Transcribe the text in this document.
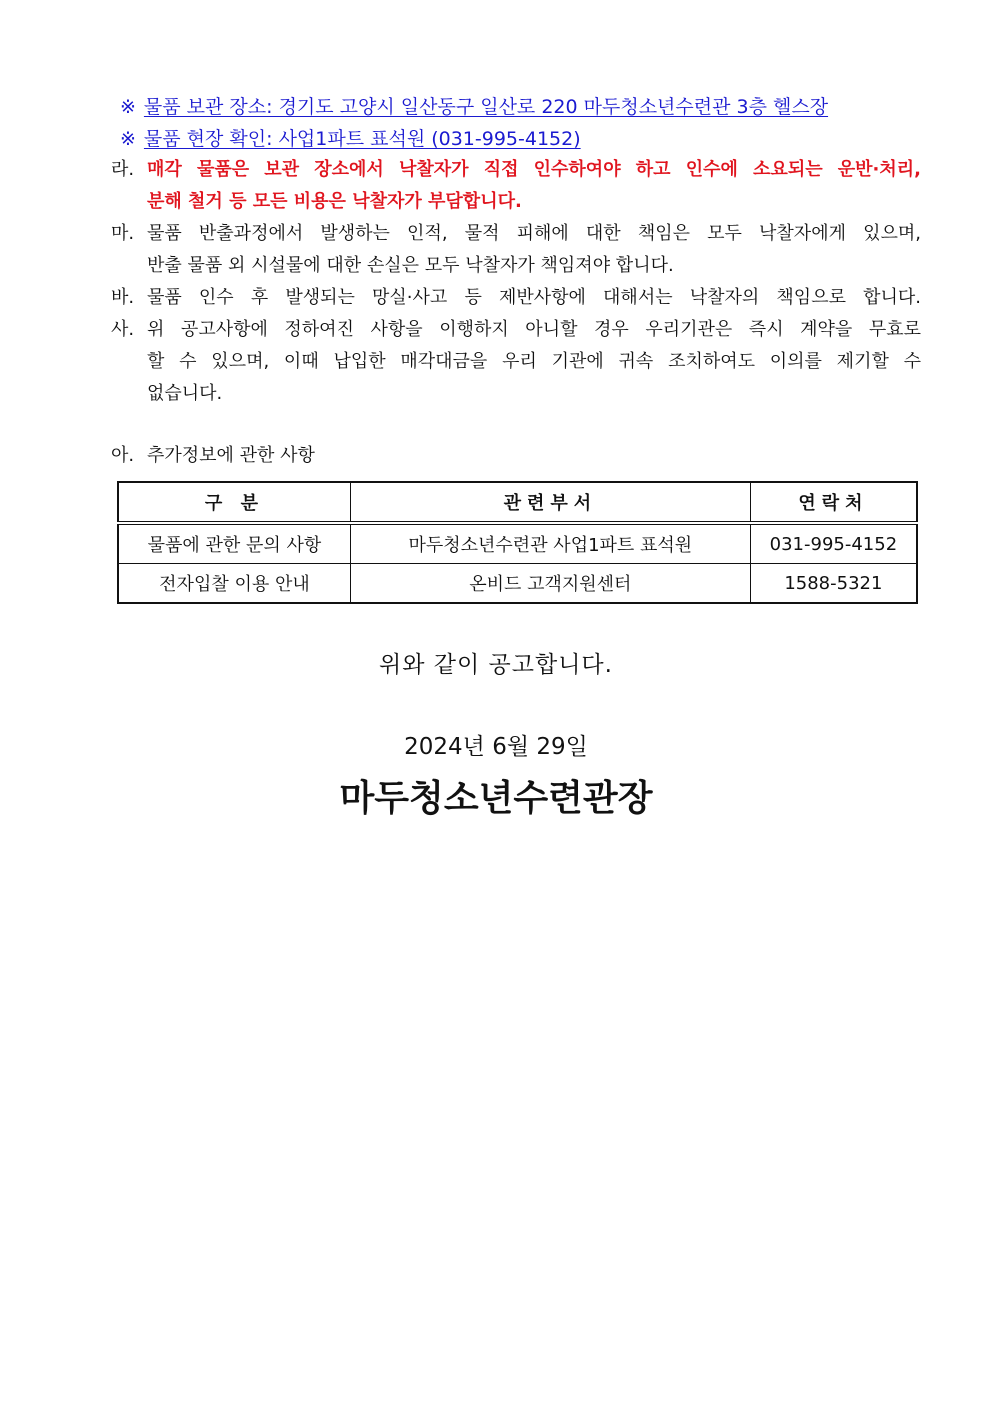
※ 물품 보관 장소: 경기도 고양시 일산동구 일산로 220 마두청소년수련관 3층 헬스장
※ 물품 현장 확인: 사업1파트 표석원 (031-995-4152)
라. 매각 물품은 보관 장소에서 낙찰자가 직접 인수하여야 하고 인수에 소요되는 운반·처리,
분해 철거 등 모든 비용은 낙찰자가 부담합니다.
마. 물품 반출과정에서 발생하는 인적, 물적 피해에 대한 책임은 모두 낙찰자에게 있으며,
반출 물품 외 시설물에 대한 손실은 모두 낙찰자가 책임져야 합니다.
바. 물품 인수 후 발생되는 망실·사고 등 제반사항에 대해서는 낙찰자의 책임으로 합니다.
사. 위 공고사항에 정하여진 사항을 이행하지 아니할 경우 우리기관은 즉시 계약을 무효로
할 수 있으며, 이때 납입한 매각대금을 우리 기관에 귀속 조치하여도 이의를 제기할 수
없습니다.
아. 추가정보에 관한 사항
구 분	관련부서	연락처
물품에 관한 문의 사항	마두청소년수련관 사업1파트 표석원	031-995-4152
전자입찰 이용 안내	온비드 고객지원센터	1588-5321
위와 같이 공고합니다.
2024년 6월 29일
마두청소년수련관장
